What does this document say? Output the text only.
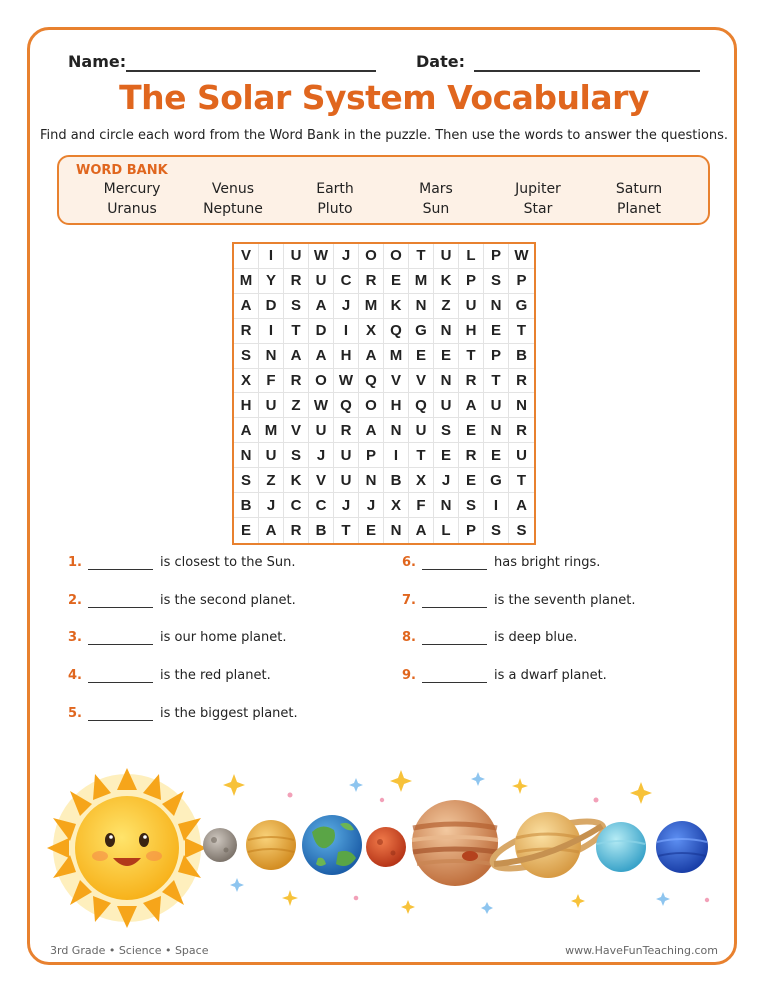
Name:	Date:
The Solar System Vocabulary
Find and circle each word from the Word Bank in the puzzle. Then use the words to answer the questions.
WORD BANK
Mercury	Venus	Earth	Mars	Jupiter	Saturn
Uranus	Neptune	Pluto	Sun	Star	Planet
V	I	U W J O O T	U L	P W
M Y R U C R E M K P S	P
A D S A	J M K N Z	U N G
R	I	T	D	I	X Q G N H E	T
S N A A H A M E E	T	P	B
X	F	R O W Q V V N R T	R
H U Z W Q O H Q U A U N
A M V U R A N U S E N R
N U S	J	U P	I	T	E R E	U
S	Z	K V U N B X	J	E G	T
B	J	C C	J	J	X	F	N S	I	A
E A R B T	E N A L	P S	S
1.	is closest to the Sun.
2.	is the second planet.
3.	is our home planet.
4.	is the red planet.
5.	is the biggest planet.
6.	has bright rings.
7.	is the seventh planet.
8.	is deep blue.
9.	is a dwarf planet.
3rd Grade • Science • Space	www.HaveFunTeaching.com
